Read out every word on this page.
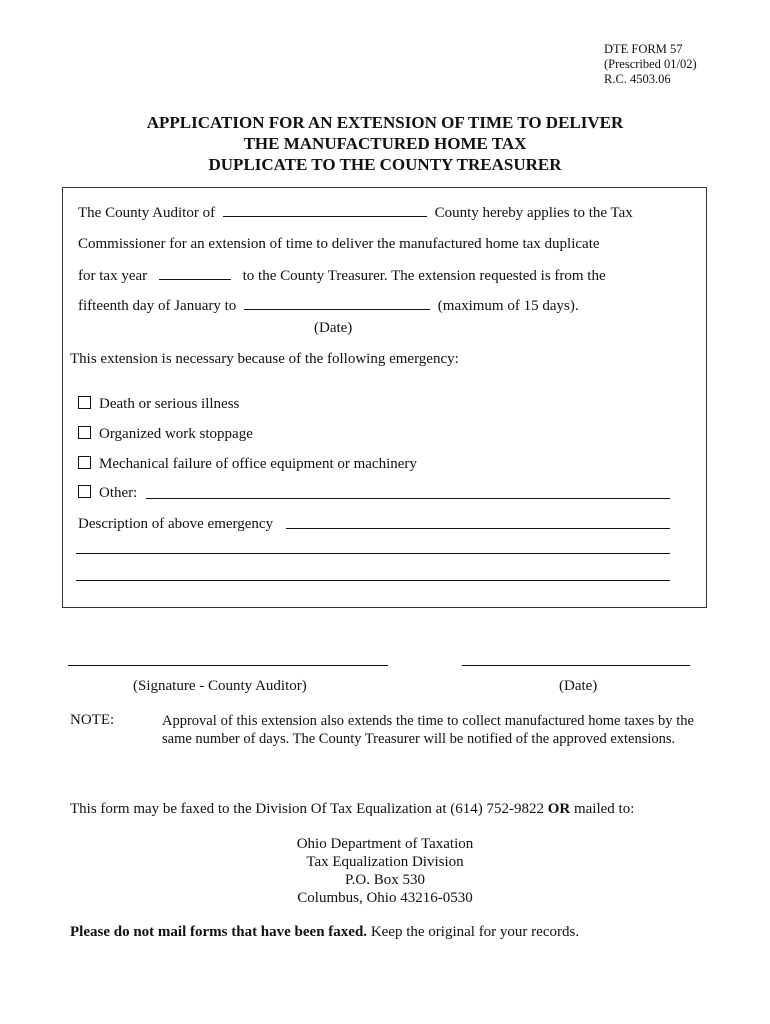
DTE FORM 57
(Prescribed 01/02)
R.C. 4503.06
APPLICATION FOR AN EXTENSION OF TIME TO DELIVER
THE MANUFACTURED HOME TAX
DUPLICATE TO THE COUNTY TREASURER
The County Auditor of	County hereby applies to the Tax
Commissioner for an extension of time to deliver the manufactured home tax duplicate
for tax year	to the County Treasurer. The extension requested is from the
fifteenth day of January to	(maximum of 15 days).
(Date)
This extension is necessary because of the following emergency:
Death or serious illness
Organized work stoppage
Mechanical failure of office equipment or machinery
Other:
Description of above emergency
(Signature - County Auditor)	(Date)
NOTE:	Approval of this extension also extends the time to collect manufactured home taxes by the same number of days. The County Treasurer will be notified of the approved extensions.
This form may be faxed to the Division Of Tax Equalization at (614) 752-9822 OR mailed to:
Ohio Department of Taxation
Tax Equalization Division
P.O. Box 530
Columbus, Ohio 43216-0530
Please do not mail forms that have been faxed. Keep the original for your records.
